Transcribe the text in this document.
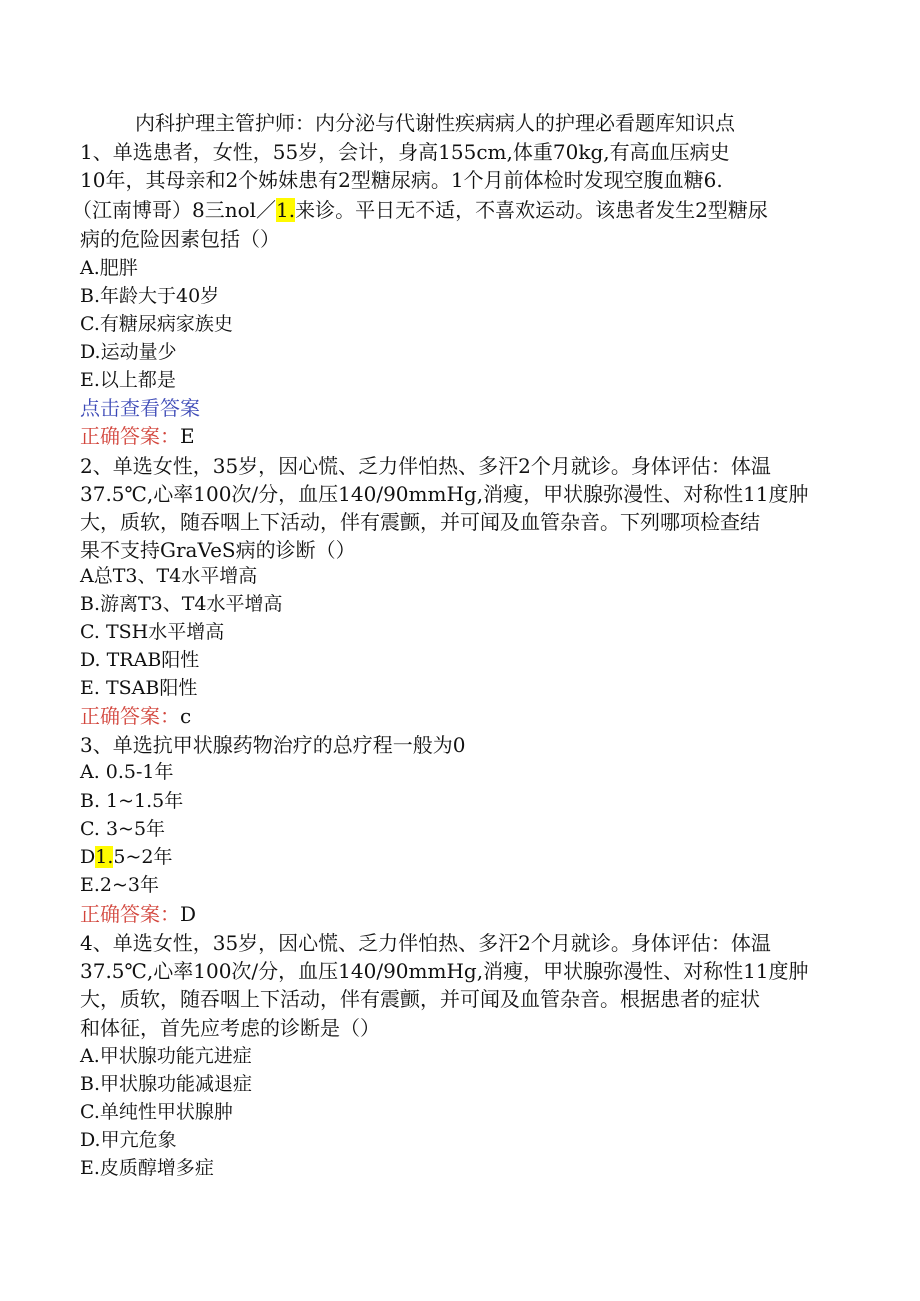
内科护理主管护师：内分泌与代谢性疾病病人的护理必看题库知识点
1、单选患者，女性，55岁，会计，身高155cm,体重70kg,有高血压病史
10年，其母亲和2个姊妹患有2型糖尿病。1个月前体检时发现空腹血糖6.
（江南博哥）8三nol／1.来诊。平日无不适，不喜欢运动。该患者发生2型糖尿
病的危险因素包括（）
A.肥胖
B.年龄大于40岁
C.有糖尿病家族史
D.运动量少
E.以上都是
点击查看答案
正确答案：E
2、单选女性，35岁，因心慌、乏力伴怕热、多汗2个月就诊。身体评估：体温
37.5℃,心率100次/分，血压140/90mmHg,消瘦，甲状腺弥漫性、对称性11度肿
大，质软，随吞咽上下活动，伴有震颤，并可闻及血管杂音。下列哪项检查结
果不支持GraVeS病的诊断（）
A总T3、T4水平增高
B.游离T3、T4水平增高
C. TSH水平增高
D. TRAB阳性
E. TSAB阳性
正确答案：c
3、单选抗甲状腺药物治疗的总疗程一般为0
A. 0.5-1年
B. 1~1.5年
C. 3~5年
D1.5~2年
E.2~3年
正确答案：D
4、单选女性，35岁，因心慌、乏力伴怕热、多汗2个月就诊。身体评估：体温
37.5℃,心率100次/分，血压140/90mmHg,消瘦，甲状腺弥漫性、对称性11度肿
大，质软，随吞咽上下活动，伴有震颤，并可闻及血管杂音。根据患者的症状
和体征，首先应考虑的诊断是（）
A.甲状腺功能亢进症
B.甲状腺功能减退症
C.单纯性甲状腺肿
D.甲亢危象
E.皮质醇增多症
